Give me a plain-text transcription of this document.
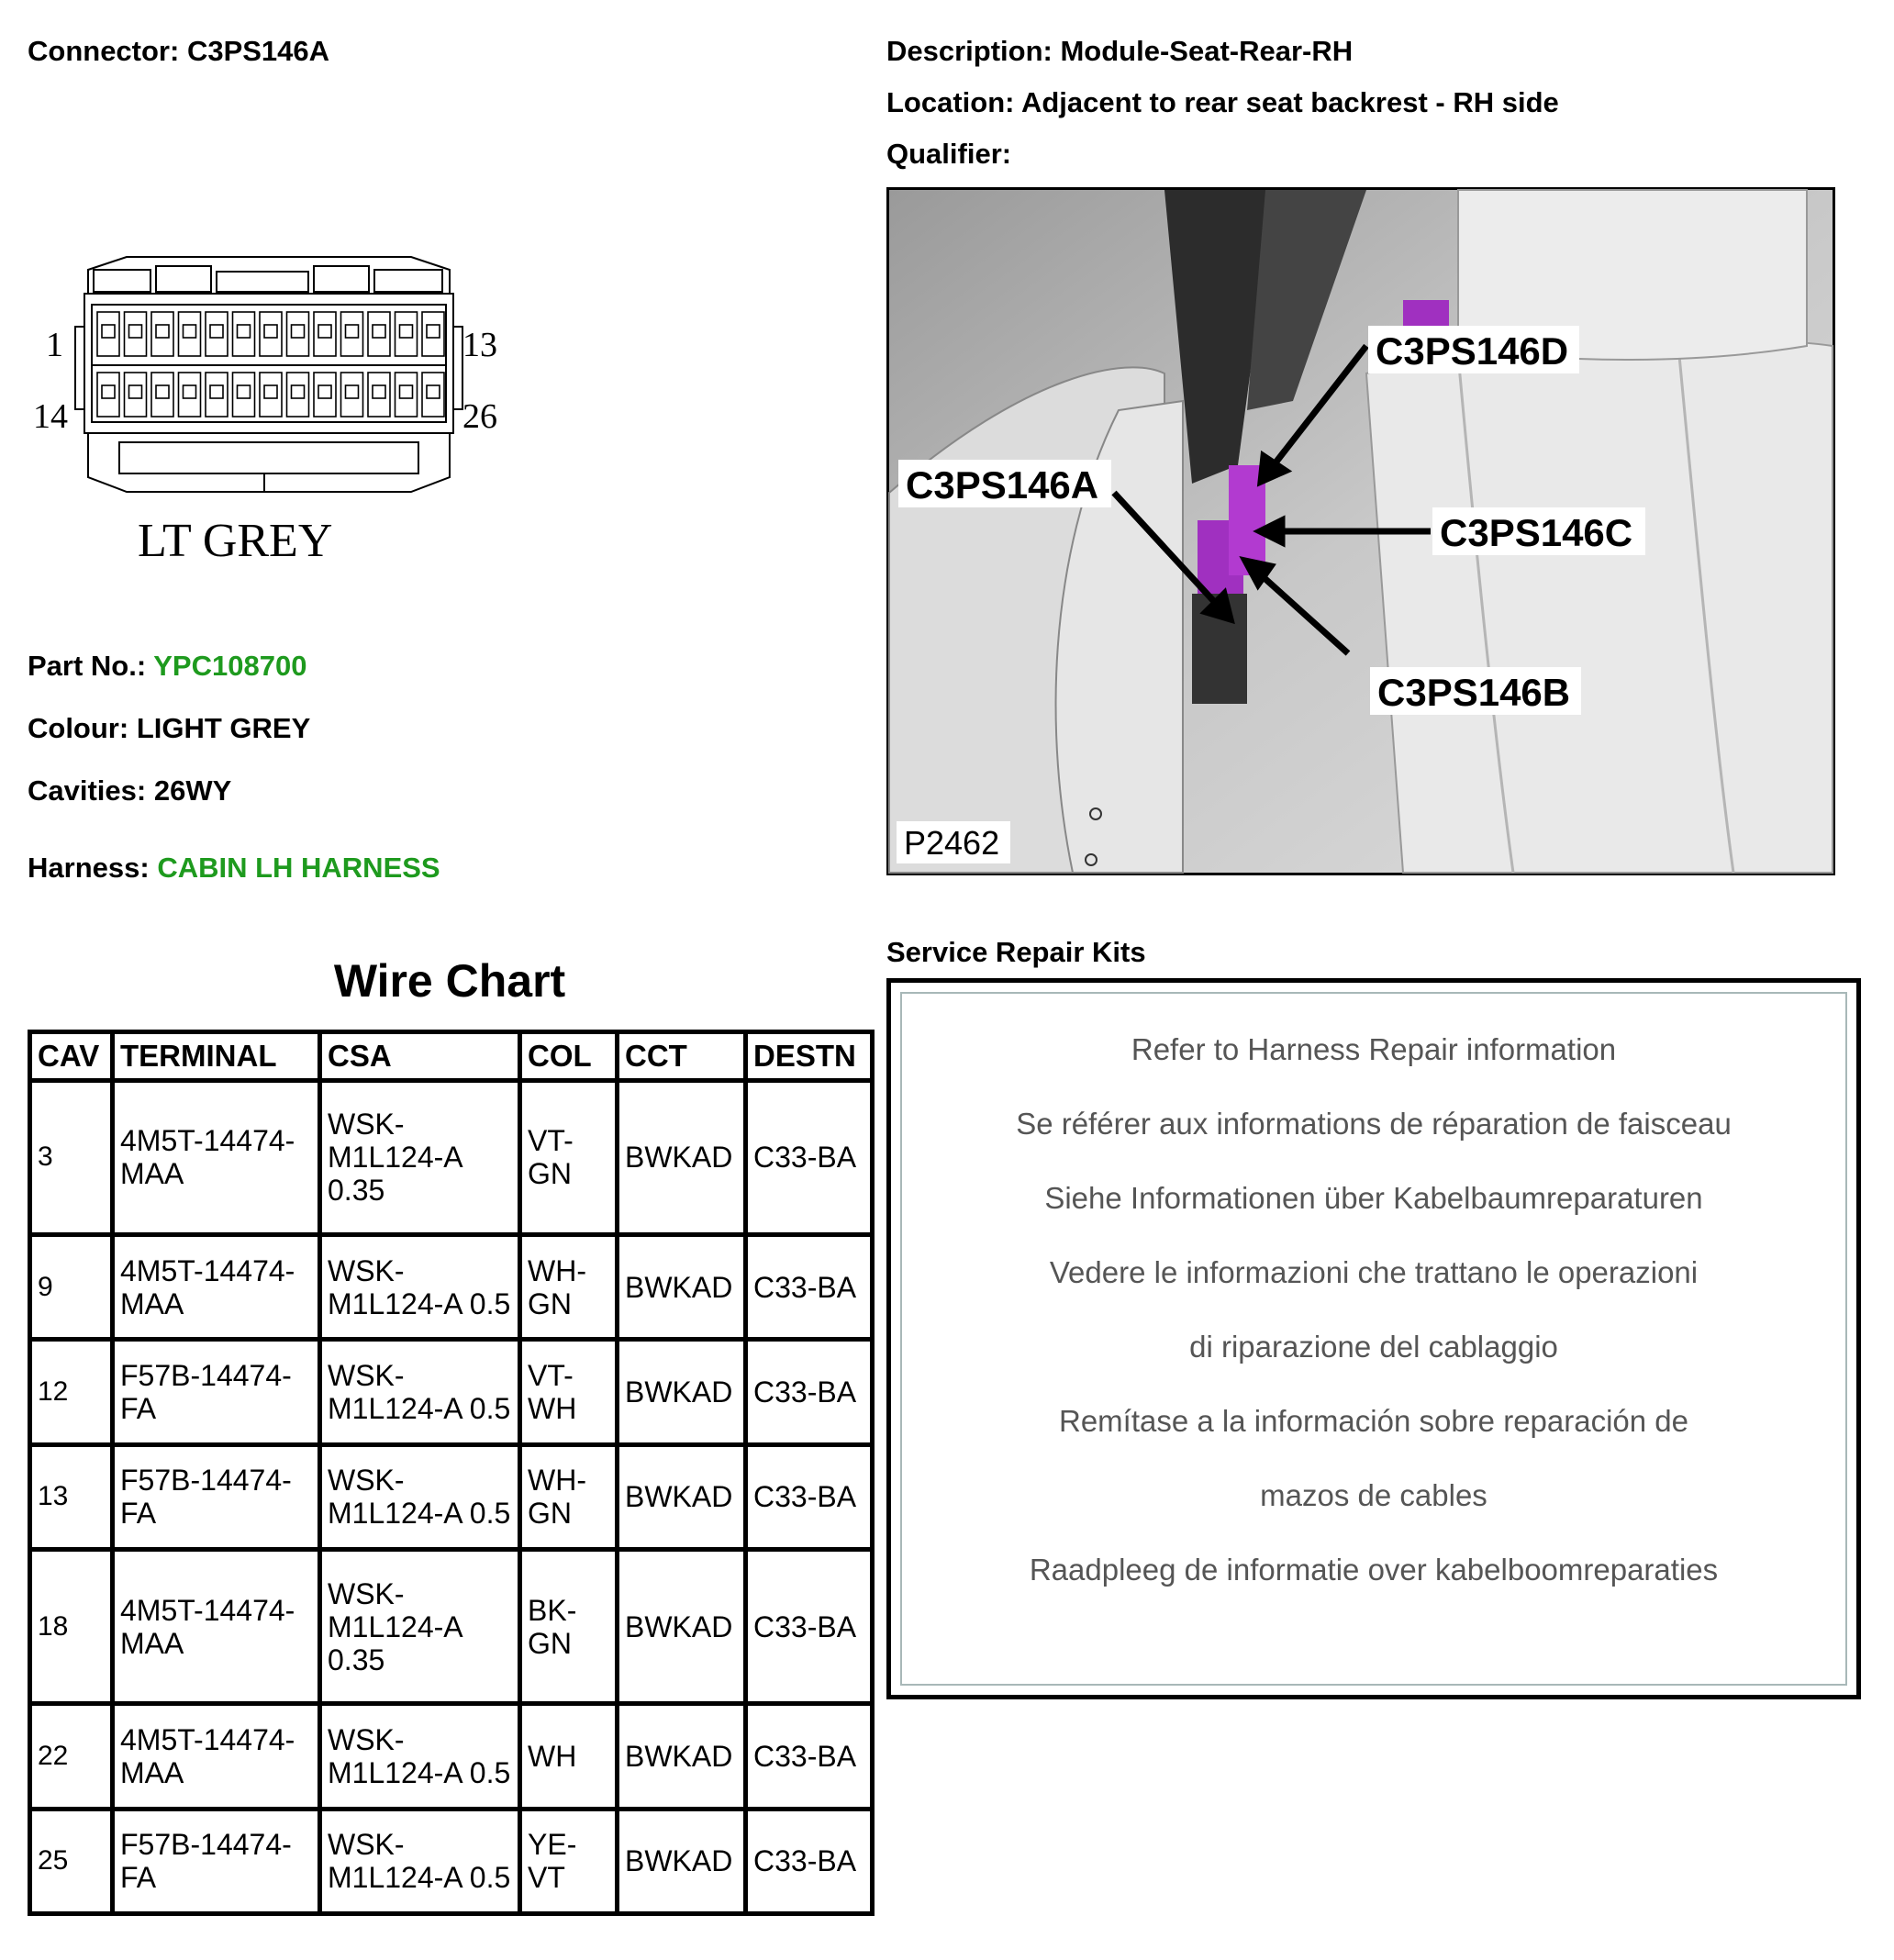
Connector: C3PS146A	Description: Module-Seat-Rear-RH
Location: Adjacent to rear seat backrest - RH side
Qualifier:
1	13
14	26
LT GREY
Part No.: YPC108700
Colour: LIGHT GREY
Cavities: 26WY
Harness: CABIN LH HARNESS
C3PS146D
C3PS146A
C3PS146C
C3PS146B
P2462
Wire Chart
CAV	TERMINAL	CSA	COL	CCT	DESTN
3	4M5T-14474-MAA	WSK-M1L124-A 0.35	VT-GN	BWKAD	C33-BA
9	4M5T-14474-MAA	WSK-M1L124-A 0.5	WH-GN	BWKAD	C33-BA
12	F57B-14474-FA	WSK-M1L124-A 0.5	VT-WH	BWKAD	C33-BA
13	F57B-14474-FA	WSK-M1L124-A 0.5	WH-GN	BWKAD	C33-BA
18	4M5T-14474-MAA	WSK-M1L124-A 0.35	BK-GN	BWKAD	C33-BA
22	4M5T-14474-MAA	WSK-M1L124-A 0.5	WH	BWKAD	C33-BA
25	F57B-14474-FA	WSK-M1L124-A 0.5	YE-VT	BWKAD	C33-BA
Service Repair Kits
Refer to Harness Repair information
Se référer aux informations de réparation de faisceau
Siehe Informationen über Kabelbaumreparaturen
Vedere le informazioni che trattano le operazioni
di riparazione del cablaggio
Remítase a la información sobre reparación de
mazos de cables
Raadpleeg de informatie over kabelboomreparaties
